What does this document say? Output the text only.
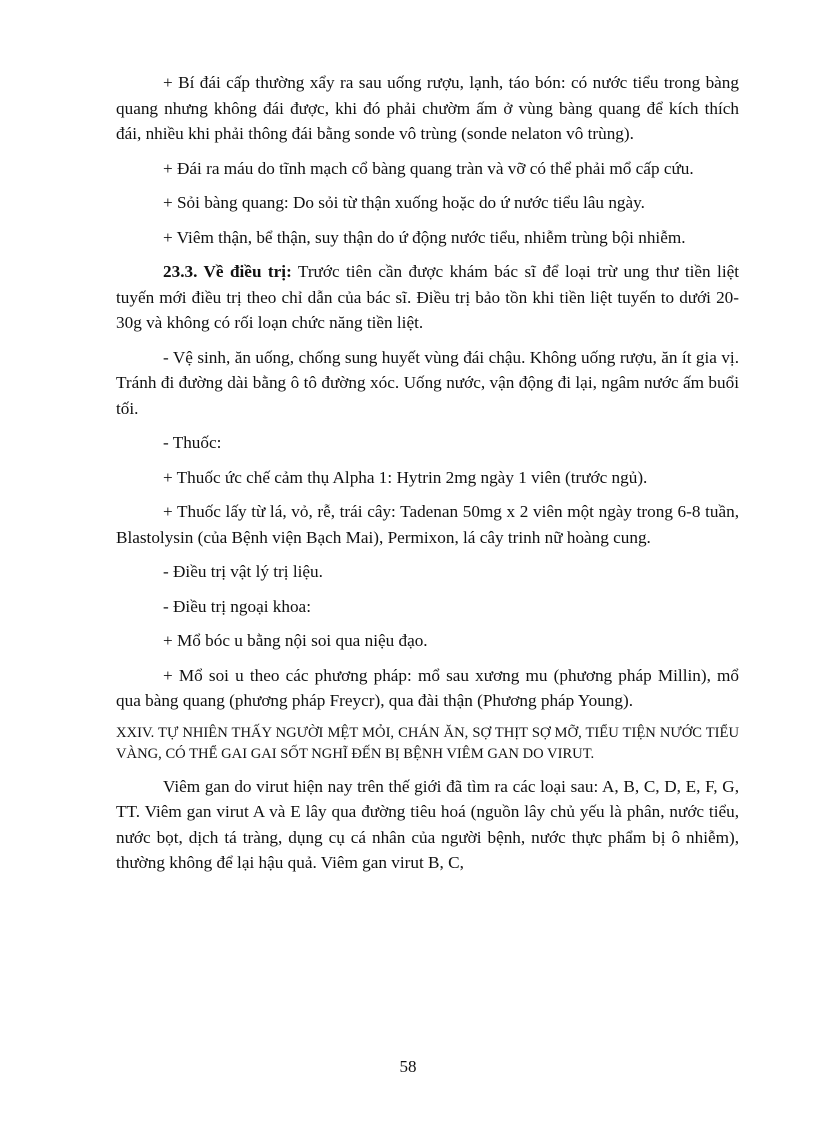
+ Bí đái cấp thường xẩy ra sau uống rượu, lạnh, táo bón: có nước tiểu trong bàng quang nhưng không đái được, khi đó phải chườm ấm ở vùng bàng quang để kích thích đái, nhiều khi phải thông đái bằng sonde vô trùng (sonde nelaton vô trùng).

+ Đái ra máu do tĩnh mạch cổ bàng quang tràn và vỡ có thể phải mổ cấp cứu.

+ Sỏi bàng quang: Do sỏi từ thận xuống hoặc do ứ nước tiểu lâu ngày.

+ Viêm thận, bể thận, suy thận do ứ động nước tiểu, nhiễm trùng bội nhiễm.

23.3. Về điều trị: Trước tiên cần được khám bác sĩ để loại trừ ung thư tiền liệt tuyến mới điều trị theo chỉ dẫn của bác sĩ. Điều trị bảo tồn khi tiền liệt tuyến to dưới 20-30g và không có rối loạn chức năng tiền liệt.

- Vệ sinh, ăn uống, chống sung huyết vùng đái chậu. Không uống rượu, ăn ít gia vị. Tránh đi đường dài bằng ô tô đường xóc. Uống nước, vận động đi lại, ngâm nước ấm buổi tối.

- Thuốc:

+ Thuốc ức chế cảm thụ Alpha 1: Hytrin 2mg ngày 1 viên (trước ngủ).

+ Thuốc lấy từ lá, vỏ, rễ, trái cây: Tadenan 50mg x 2 viên một ngày trong 6-8 tuần, Blastolysin (của Bệnh viện Bạch Mai), Permixon, lá cây trinh nữ hoàng cung.

- Điều trị vật lý trị liệu.

- Điều trị ngoại khoa:

+ Mổ bóc u bằng nội soi qua niệu đạo.

+ Mổ soi u theo các phương pháp: mổ sau xương mu (phương pháp Millin), mổ qua bàng quang (phương pháp Freycr), qua đài thận (Phương pháp Young).

XXIV. TỰ NHIÊN THẤY NGƯỜI MỆT MỎI, CHÁN ĂN, SỢ THỊT SỢ MỠ, TIỂU TIỆN NƯỚC TIỂU VÀNG, CÓ THỂ GAI GAI SỐT NGHĨ ĐẾN BỊ BỆNH VIÊM GAN DO VIRUT.

Viêm gan do virut hiện nay trên thế giới đã tìm ra các loại sau: A, B, C, D, E, F, G, TT. Viêm gan virut A và E lây qua đường tiêu hoá (nguồn lây chủ yếu là phân, nước tiểu, nước bọt, dịch tá tràng, dụng cụ cá nhân của người bệnh, nước thực phẩm bị ô nhiễm), thường không để lại hậu quả. Viêm gan virut B, C,

58
